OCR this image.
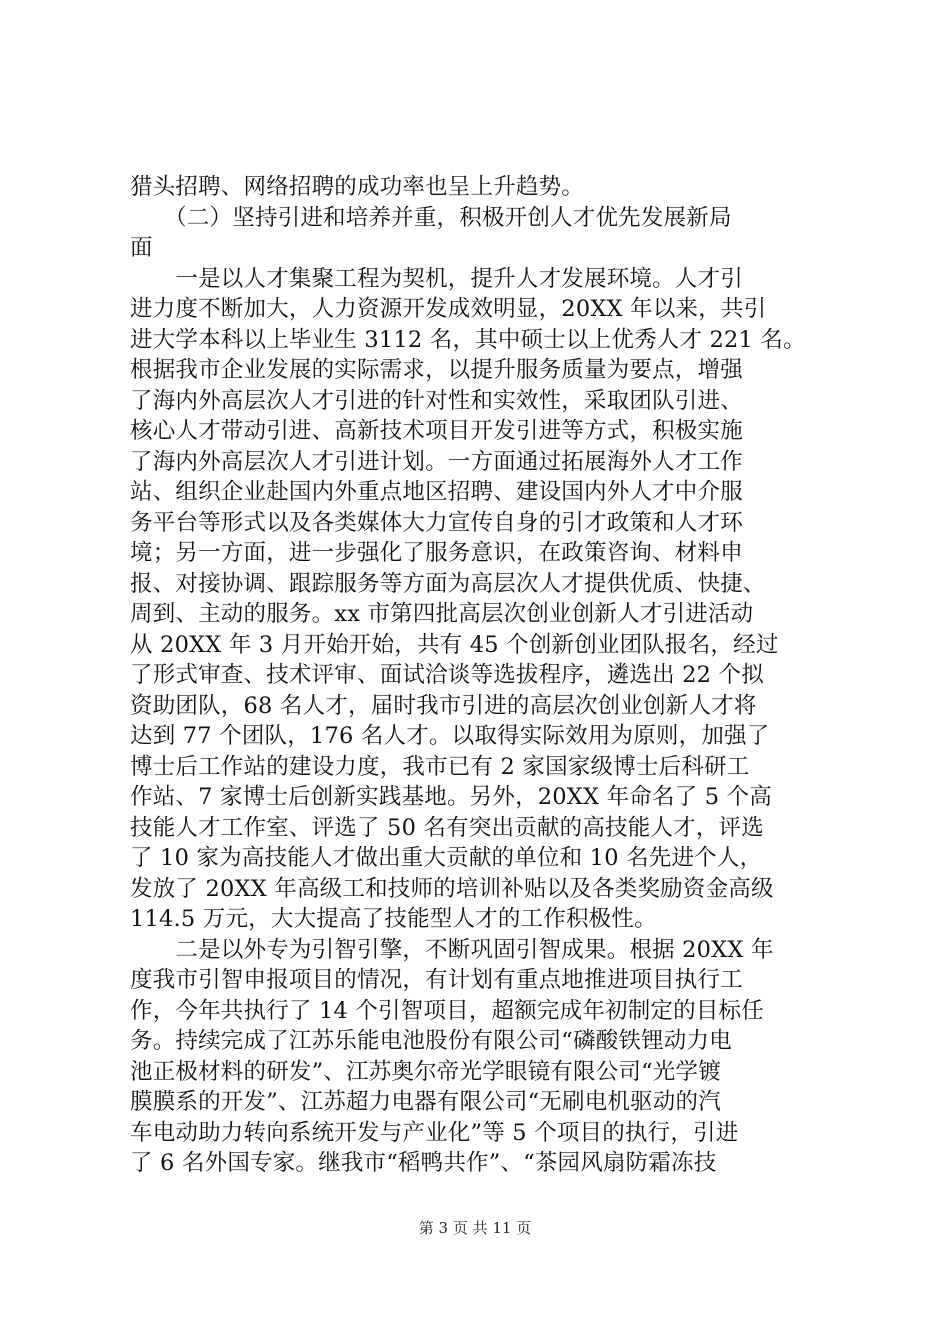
猎头招聘、网络招聘的成功率也呈上升趋势。
　　（二）坚持引进和培养并重，积极开创人才优先发展新局
面
　　一是以人才集聚工程为契机，提升人才发展环境。人才引
进力度不断加大，人力资源开发成效明显，20XX 年以来，共引
进大学本科以上毕业生 3112 名，其中硕士以上优秀人才 221 名。
根据我市企业发展的实际需求，以提升服务质量为要点，增强
了海内外高层次人才引进的针对性和实效性，采取团队引进、
核心人才带动引进、高新技术项目开发引进等方式，积极实施
了海内外高层次人才引进计划。一方面通过拓展海外人才工作
站、组织企业赴国内外重点地区招聘、建设国内外人才中介服
务平台等形式以及各类媒体大力宣传自身的引才政策和人才环
境；另一方面，进一步强化了服务意识，在政策咨询、材料申
报、对接协调、跟踪服务等方面为高层次人才提供优质、快捷、
周到、主动的服务。xx 市第四批高层次创业创新人才引进活动
从 20XX 年 3 月开始开始，共有 45 个创新创业团队报名，经过
了形式审查、技术评审、面试洽谈等选拔程序，遴选出 22 个拟
资助团队，68 名人才，届时我市引进的高层次创业创新人才将
达到 77 个团队，176 名人才。以取得实际效用为原则，加强了
博士后工作站的建设力度，我市已有 2 家国家级博士后科研工
作站、7 家博士后创新实践基地。另外，20XX 年命名了 5 个高
技能人才工作室、评选了 50 名有突出贡献的高技能人才，评选
了 10 家为高技能人才做出重大贡献的单位和 10 名先进个人，
发放了 20XX 年高级工和技师的培训补贴以及各类奖励资金高级
114.5 万元，大大提高了技能型人才的工作积极性。
　　二是以外专为引智引擎，不断巩固引智成果。根据 20XX 年
度我市引智申报项目的情况，有计划有重点地推进项目执行工
作，今年共执行了 14 个引智项目，超额完成年初制定的目标任
务。持续完成了江苏乐能电池股份有限公司“磷酸铁锂动力电
池正极材料的研发”、江苏奥尔帝光学眼镜有限公司“光学镀
膜膜系的开发”、江苏超力电器有限公司“无刷电机驱动的汽
车电动助力转向系统开发与产业化”等 5 个项目的执行，引进
了 6 名外国专家。继我市“稻鸭共作”、“茶园风扇防霜冻技
第 3 页 共 11 页
